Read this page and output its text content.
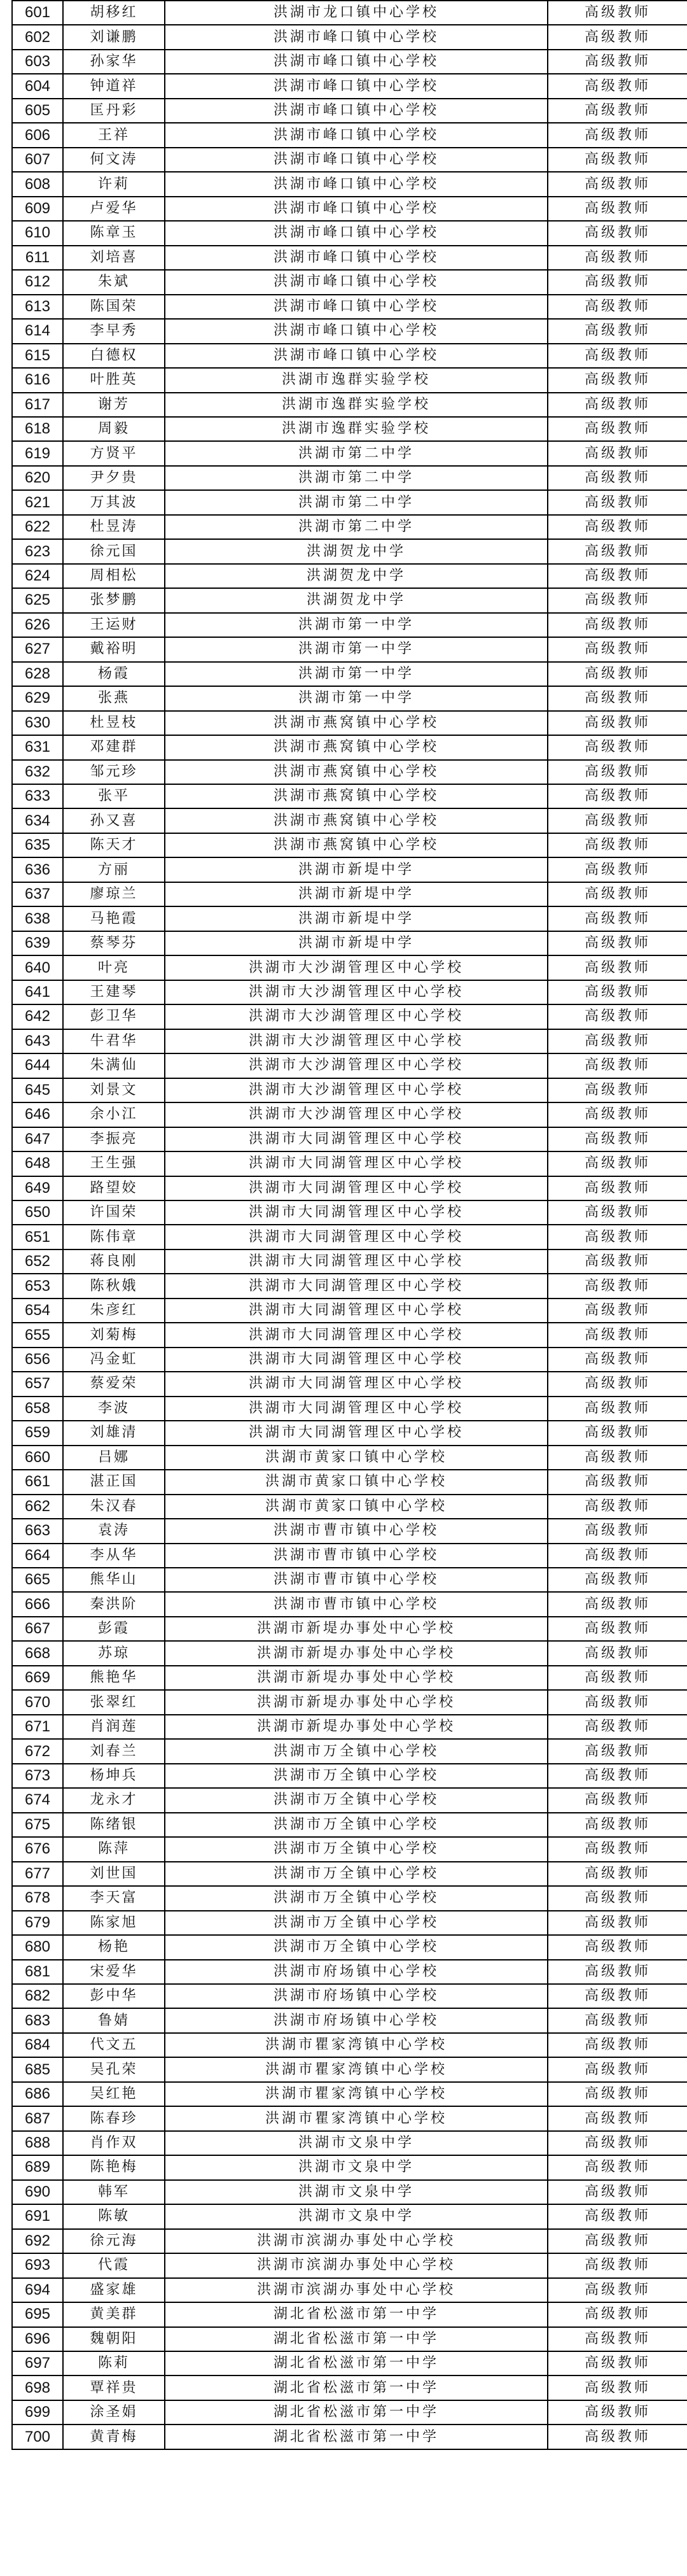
601	胡移红	洪湖市龙口镇中心学校	高级教师
602	刘谦鹏	洪湖市峰口镇中心学校	高级教师
603	孙家华	洪湖市峰口镇中心学校	高级教师
604	钟道祥	洪湖市峰口镇中心学校	高级教师
605	匡丹彩	洪湖市峰口镇中心学校	高级教师
606	王祥	洪湖市峰口镇中心学校	高级教师
607	何文涛	洪湖市峰口镇中心学校	高级教师
608	许莉	洪湖市峰口镇中心学校	高级教师
609	卢爱华	洪湖市峰口镇中心学校	高级教师
610	陈章玉	洪湖市峰口镇中心学校	高级教师
611	刘培喜	洪湖市峰口镇中心学校	高级教师
612	朱斌	洪湖市峰口镇中心学校	高级教师
613	陈国荣	洪湖市峰口镇中心学校	高级教师
614	李早秀	洪湖市峰口镇中心学校	高级教师
615	白德权	洪湖市峰口镇中心学校	高级教师
616	叶胜英	洪湖市逸群实验学校	高级教师
617	谢芳	洪湖市逸群实验学校	高级教师
618	周毅	洪湖市逸群实验学校	高级教师
619	方贤平	洪湖市第二中学	高级教师
620	尹夕贵	洪湖市第二中学	高级教师
621	万其波	洪湖市第二中学	高级教师
622	杜昱涛	洪湖市第二中学	高级教师
623	徐元国	洪湖贺龙中学	高级教师
624	周相松	洪湖贺龙中学	高级教师
625	张梦鹏	洪湖贺龙中学	高级教师
626	王运财	洪湖市第一中学	高级教师
627	戴裕明	洪湖市第一中学	高级教师
628	杨霞	洪湖市第一中学	高级教师
629	张燕	洪湖市第一中学	高级教师
630	杜昱枝	洪湖市燕窝镇中心学校	高级教师
631	邓建群	洪湖市燕窝镇中心学校	高级教师
632	邹元珍	洪湖市燕窝镇中心学校	高级教师
633	张平	洪湖市燕窝镇中心学校	高级教师
634	孙又喜	洪湖市燕窝镇中心学校	高级教师
635	陈天才	洪湖市燕窝镇中心学校	高级教师
636	方丽	洪湖市新堤中学	高级教师
637	廖琼兰	洪湖市新堤中学	高级教师
638	马艳霞	洪湖市新堤中学	高级教师
639	蔡琴芬	洪湖市新堤中学	高级教师
640	叶亮	洪湖市大沙湖管理区中心学校	高级教师
641	王建琴	洪湖市大沙湖管理区中心学校	高级教师
642	彭卫华	洪湖市大沙湖管理区中心学校	高级教师
643	牛君华	洪湖市大沙湖管理区中心学校	高级教师
644	朱满仙	洪湖市大沙湖管理区中心学校	高级教师
645	刘景文	洪湖市大沙湖管理区中心学校	高级教师
646	余小江	洪湖市大沙湖管理区中心学校	高级教师
647	李振亮	洪湖市大同湖管理区中心学校	高级教师
648	王生强	洪湖市大同湖管理区中心学校	高级教师
649	路望姣	洪湖市大同湖管理区中心学校	高级教师
650	许国荣	洪湖市大同湖管理区中心学校	高级教师
651	陈伟章	洪湖市大同湖管理区中心学校	高级教师
652	蒋良刚	洪湖市大同湖管理区中心学校	高级教师
653	陈秋娥	洪湖市大同湖管理区中心学校	高级教师
654	朱彦红	洪湖市大同湖管理区中心学校	高级教师
655	刘菊梅	洪湖市大同湖管理区中心学校	高级教师
656	冯金虹	洪湖市大同湖管理区中心学校	高级教师
657	蔡爱荣	洪湖市大同湖管理区中心学校	高级教师
658	李波	洪湖市大同湖管理区中心学校	高级教师
659	刘雄清	洪湖市大同湖管理区中心学校	高级教师
660	吕娜	洪湖市黄家口镇中心学校	高级教师
661	湛正国	洪湖市黄家口镇中心学校	高级教师
662	朱汉春	洪湖市黄家口镇中心学校	高级教师
663	袁涛	洪湖市曹市镇中心学校	高级教师
664	李从华	洪湖市曹市镇中心学校	高级教师
665	熊华山	洪湖市曹市镇中心学校	高级教师
666	秦洪阶	洪湖市曹市镇中心学校	高级教师
667	彭霞	洪湖市新堤办事处中心学校	高级教师
668	苏琼	洪湖市新堤办事处中心学校	高级教师
669	熊艳华	洪湖市新堤办事处中心学校	高级教师
670	张翠红	洪湖市新堤办事处中心学校	高级教师
671	肖润莲	洪湖市新堤办事处中心学校	高级教师
672	刘春兰	洪湖市万全镇中心学校	高级教师
673	杨坤兵	洪湖市万全镇中心学校	高级教师
674	龙永才	洪湖市万全镇中心学校	高级教师
675	陈绪银	洪湖市万全镇中心学校	高级教师
676	陈萍	洪湖市万全镇中心学校	高级教师
677	刘世国	洪湖市万全镇中心学校	高级教师
678	李天富	洪湖市万全镇中心学校	高级教师
679	陈家旭	洪湖市万全镇中心学校	高级教师
680	杨艳	洪湖市万全镇中心学校	高级教师
681	宋爱华	洪湖市府场镇中心学校	高级教师
682	彭中华	洪湖市府场镇中心学校	高级教师
683	鲁婧	洪湖市府场镇中心学校	高级教师
684	代文五	洪湖市瞿家湾镇中心学校	高级教师
685	吴孔荣	洪湖市瞿家湾镇中心学校	高级教师
686	吴红艳	洪湖市瞿家湾镇中心学校	高级教师
687	陈春珍	洪湖市瞿家湾镇中心学校	高级教师
688	肖作双	洪湖市文泉中学	高级教师
689	陈艳梅	洪湖市文泉中学	高级教师
690	韩军	洪湖市文泉中学	高级教师
691	陈敏	洪湖市文泉中学	高级教师
692	徐元海	洪湖市滨湖办事处中心学校	高级教师
693	代霞	洪湖市滨湖办事处中心学校	高级教师
694	盛家雄	洪湖市滨湖办事处中心学校	高级教师
695	黄美群	湖北省松滋市第一中学	高级教师
696	魏朝阳	湖北省松滋市第一中学	高级教师
697	陈莉	湖北省松滋市第一中学	高级教师
698	覃祥贵	湖北省松滋市第一中学	高级教师
699	涂圣娟	湖北省松滋市第一中学	高级教师
700	黄青梅	湖北省松滋市第一中学	高级教师
